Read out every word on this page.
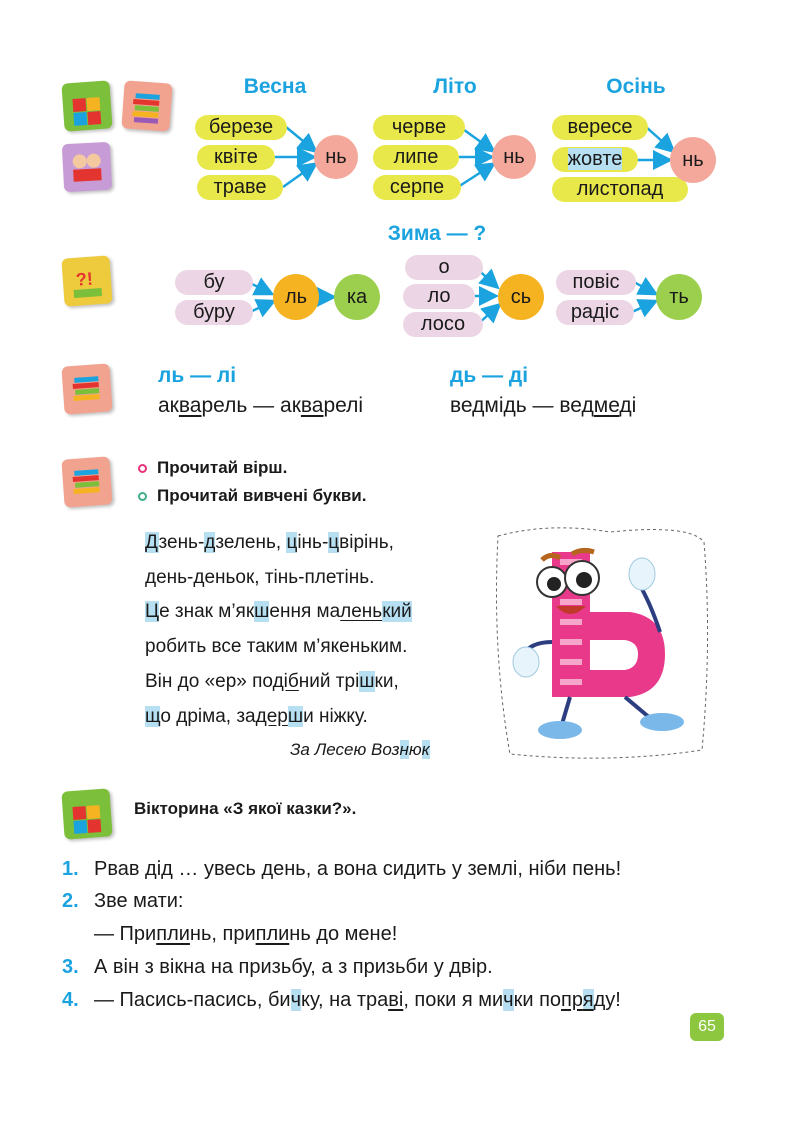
?!
Весна	Літо	Осінь
березе
квіте
траве
нь
черве
липе
серпе
нь
вересе
жовте
листопад
нь
Зима — ?
бу
буру
ль	ка
о
ло
лосо
сь
повіс
радіс
ть
ль — лі
акварель — акварелі
дь — ді
ведмідь — ведмеді
Прочитай вірш.
Прочитай вивчені букви.
Дзень-дзелень, цінь-цвірінь,
день-деньок, тінь-плетінь.
Це знак м’якшення маленький
робить все таким м’якеньким.
Він до «ер» подібний трішки,
що дріма, задерши ніжку.
За Лесею Вознюк
Вікторина «З якої казки?».
1. Рвав дід … увесь день, а вона сидить у землі, ніби пень!
2. Зве мати:
— Приплинь, приплинь до мене!
3. А він з вікна на призьбу, а з призьби у двір.
4. — Пасись-пасись, бичку, на траві, поки я мички попряду!
65
